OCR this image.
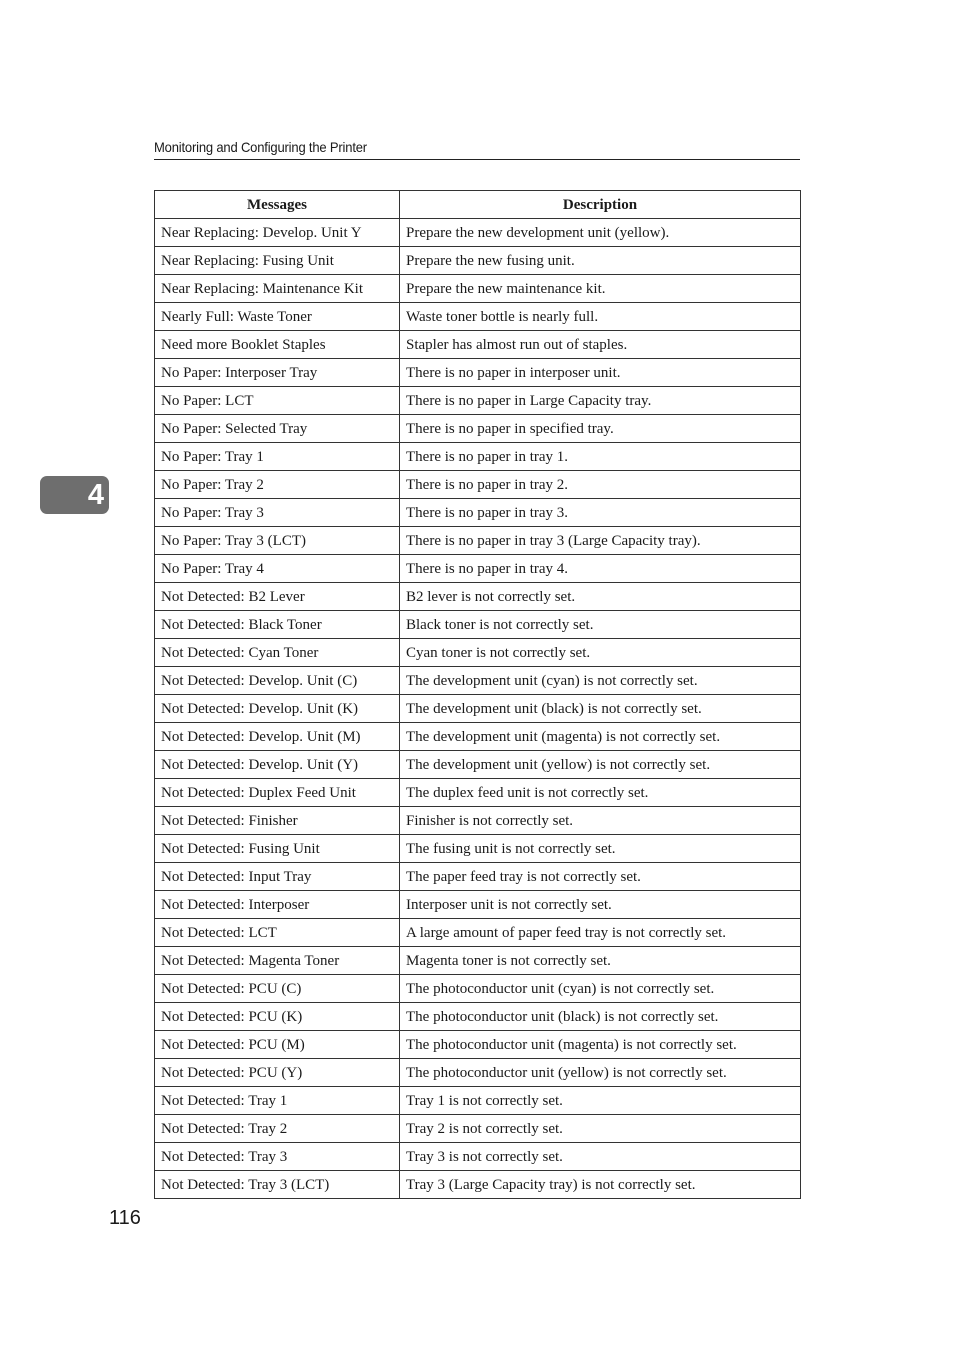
Monitoring and Configuring the Printer
4
Messages	Description
Near Replacing: Develop. Unit Y	Prepare the new development unit (yellow).
Near Replacing: Fusing Unit	Prepare the new fusing unit.
Near Replacing: Maintenance Kit	Prepare the new maintenance kit.
Nearly Full: Waste Toner	Waste toner bottle is nearly full.
Need more Booklet Staples	Stapler has almost run out of staples.
No Paper: Interposer Tray	There is no paper in interposer unit.
No Paper: LCT	There is no paper in Large Capacity tray.
No Paper: Selected Tray	There is no paper in specified tray.
No Paper: Tray 1	There is no paper in tray 1.
No Paper: Tray 2	There is no paper in tray 2.
No Paper: Tray 3	There is no paper in tray 3.
No Paper: Tray 3 (LCT)	There is no paper in tray 3 (Large Capacity tray).
No Paper: Tray 4	There is no paper in tray 4.
Not Detected: B2 Lever	B2 lever is not correctly set.
Not Detected: Black Toner	Black toner is not correctly set.
Not Detected: Cyan Toner	Cyan toner is not correctly set.
Not Detected: Develop. Unit (C)	The development unit (cyan) is not correctly set.
Not Detected: Develop. Unit (K)	The development unit (black) is not correctly set.
Not Detected: Develop. Unit (M)	The development unit (magenta) is not correctly set.
Not Detected: Develop. Unit (Y)	The development unit (yellow) is not correctly set.
Not Detected: Duplex Feed Unit	The duplex feed unit is not correctly set.
Not Detected: Finisher	Finisher is not correctly set.
Not Detected: Fusing Unit	The fusing unit is not correctly set.
Not Detected: Input Tray	The paper feed tray is not correctly set.
Not Detected: Interposer	Interposer unit is not correctly set.
Not Detected: LCT	A large amount of paper feed tray is not correctly set.
Not Detected: Magenta Toner	Magenta toner is not correctly set.
Not Detected: PCU (C)	The photoconductor unit (cyan) is not correctly set.
Not Detected: PCU (K)	The photoconductor unit (black) is not correctly set.
Not Detected: PCU (M)	The photoconductor unit (magenta) is not correctly set.
Not Detected: PCU (Y)	The photoconductor unit (yellow) is not correctly set.
Not Detected: Tray 1	Tray 1 is not correctly set.
Not Detected: Tray 2	Tray 2 is not correctly set.
Not Detected: Tray 3	Tray 3 is not correctly set.
Not Detected: Tray 3 (LCT)	Tray 3 (Large Capacity tray) is not correctly set.
116
